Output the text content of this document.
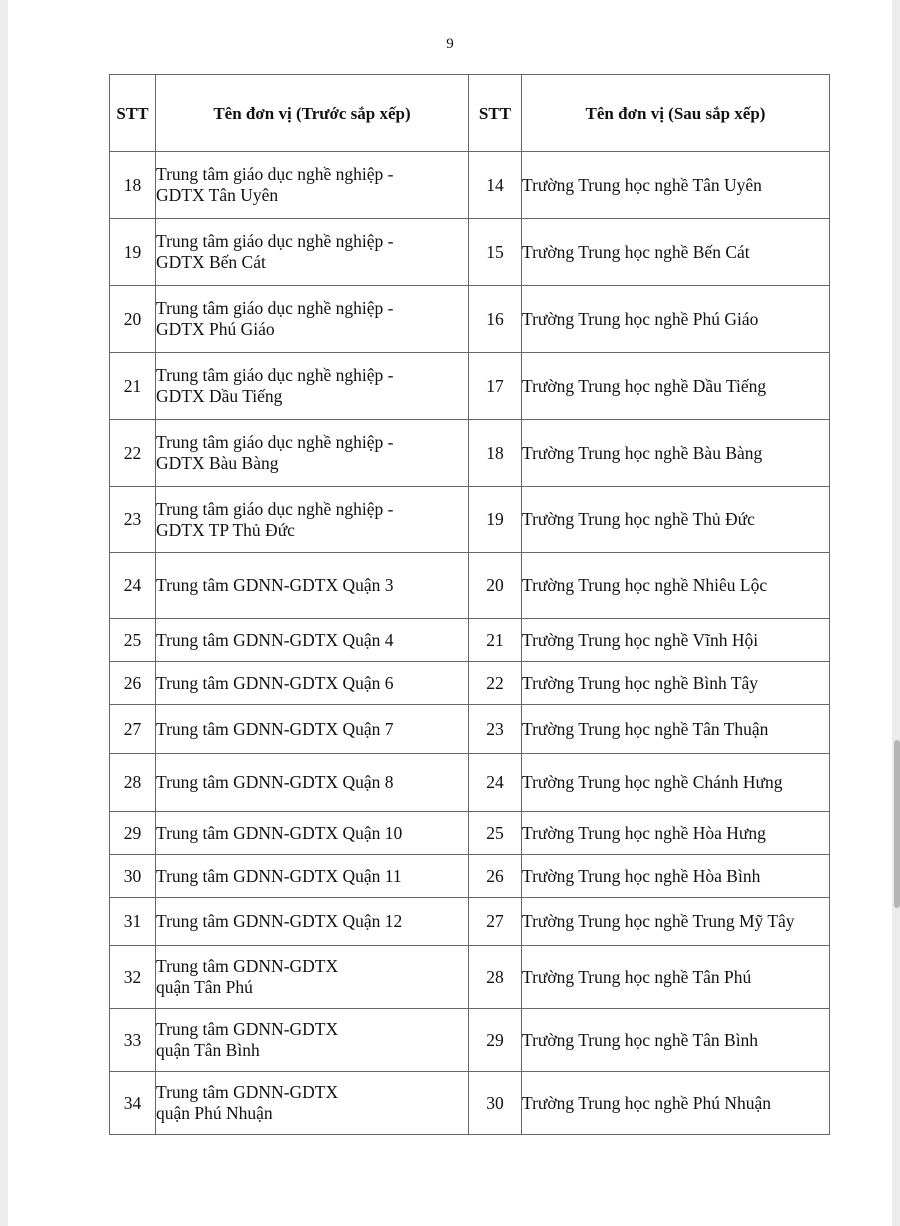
9
STT	Tên đơn vị (Trước sắp xếp)	STT	Tên đơn vị (Sau sắp xếp)
18	Trung tâm giáo dục nghề nghiệp -
GDTX Tân Uyên	14	Trường Trung học nghề Tân Uyên
19	Trung tâm giáo dục nghề nghiệp -
GDTX Bến Cát	15	Trường Trung học nghề Bến Cát
20	Trung tâm giáo dục nghề nghiệp -
GDTX Phú Giáo	16	Trường Trung học nghề Phú Giáo
21	Trung tâm giáo dục nghề nghiệp -
GDTX Dầu Tiếng	17	Trường Trung học nghề Dầu Tiếng
22	Trung tâm giáo dục nghề nghiệp -
GDTX Bàu Bàng	18	Trường Trung học nghề Bàu Bàng
23	Trung tâm giáo dục nghề nghiệp -
GDTX TP Thủ Đức	19	Trường Trung học nghề Thủ Đức
24	Trung tâm GDNN-GDTX Quận 3	20	Trường Trung học nghề Nhiêu Lộc
25	Trung tâm GDNN-GDTX Quận 4	21	Trường Trung học nghề Vĩnh Hội
26	Trung tâm GDNN-GDTX Quận 6	22	Trường Trung học nghề Bình Tây
27	Trung tâm GDNN-GDTX Quận 7	23	Trường Trung học nghề Tân Thuận
28	Trung tâm GDNN-GDTX Quận 8	24	Trường Trung học nghề Chánh Hưng
29	Trung tâm GDNN-GDTX Quận 10	25	Trường Trung học nghề Hòa Hưng
30	Trung tâm GDNN-GDTX Quận 11	26	Trường Trung học nghề Hòa Bình
31	Trung tâm GDNN-GDTX Quận 12	27	Trường Trung học nghề Trung Mỹ Tây
32	Trung tâm GDNN-GDTX
quận Tân Phú	28	Trường Trung học nghề Tân Phú
33	Trung tâm GDNN-GDTX
quận Tân Bình	29	Trường Trung học nghề Tân Bình
34	Trung tâm GDNN-GDTX
quận Phú Nhuận	30	Trường Trung học nghề Phú Nhuận
